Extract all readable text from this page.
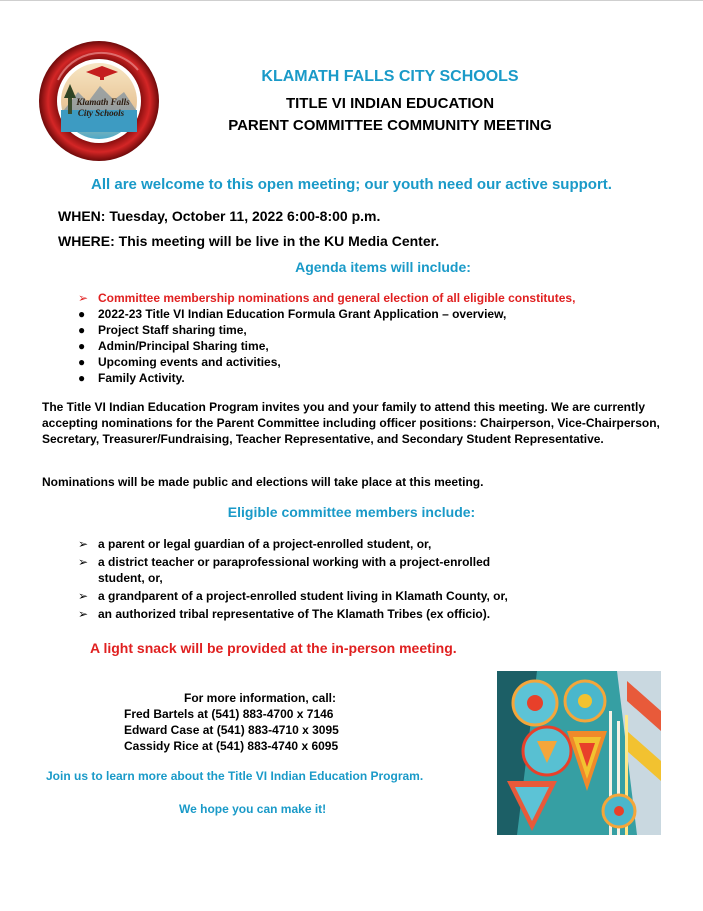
Klamath Falls
City Schools
KLAMATH FALLS CITY SCHOOLS
TITLE VI INDIAN EDUCATION
PARENT COMMITTEE COMMUNITY MEETING
All are welcome to this open meeting; our youth need our active support.
WHEN: Tuesday, October 11, 2022 6:00-8:00 p.m.
WHERE: This meeting will be live in the KU Media Center.
Agenda items will include:
➢ Committee membership nominations and general election of all eligible constitutes,
● 2022-23 Title VI Indian Education Formula Grant Application – overview,
● Project Staff sharing time,
● Admin/Principal Sharing time,
● Upcoming events and activities,
● Family Activity.
The Title VI Indian Education Program invites you and your family to attend this meeting. We are currently accepting nominations for the Parent Committee including officer positions: Chairperson, Vice-Chairperson, Secretary, Treasurer/Fundraising, Teacher Representative, and Secondary Student Representative.
Nominations will be made public and elections will take place at this meeting.
Eligible committee members include:
➢ a parent or legal guardian of a project-enrolled student, or,
➢ a district teacher or paraprofessional working with a project-enrolled student, or,
➢ a grandparent of a project-enrolled student living in Klamath County, or,
➢ an authorized tribal representative of The Klamath Tribes (ex officio).
A light snack will be provided at the in-person meeting.
For more information, call:
Fred Bartels at (541) 883-4700 x 7146
Edward Case at (541) 883-4710 x 3095
Cassidy Rice at (541) 883-4740 x 6095
Join us to learn more about the Title VI Indian Education Program.
We hope you can make it!
